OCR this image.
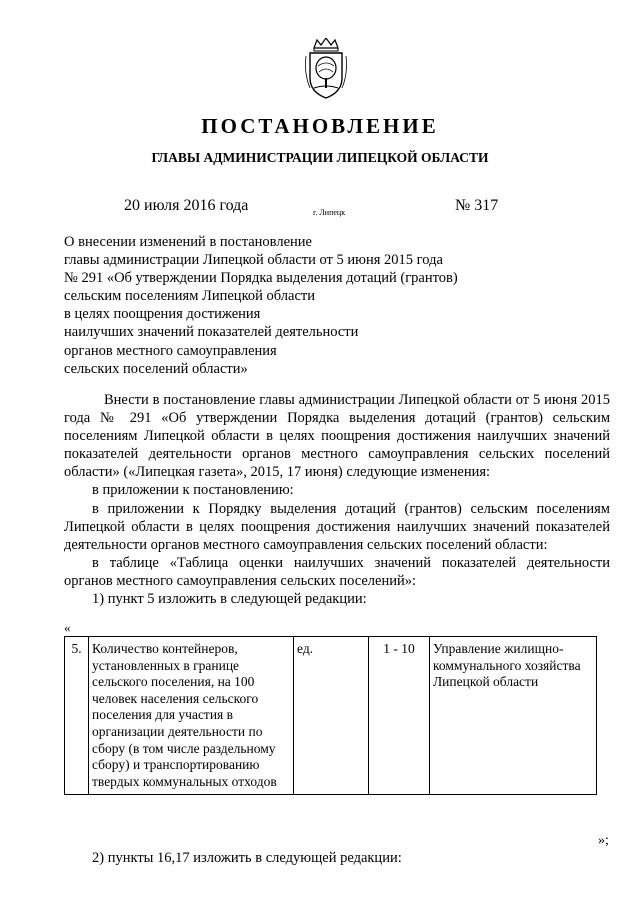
ПОСТАНОВЛЕНИЕ
ГЛАВЫ АДМИНИСТРАЦИИ ЛИПЕЦКОЙ ОБЛАСТИ
20 июля 2016 года	г. Липецк	№ 317
О внесении изменений в постановление
главы администрации Липецкой области от 5 июня 2015 года
№ 291 «Об утверждении Порядка выделения дотаций (грантов)
сельским поселениям Липецкой области
в целях поощрения достижения
наилучших значений показателей деятельности
органов местного самоуправления
сельских поселений области»

Внести в постановление главы администрации Липецкой области от 5 июня 2015 года № 291 «Об утверждении Порядка выделения дотаций (грантов) сельским поселениям Липецкой области в целях поощрения достижения наилучших значений показателей деятельности органов местного самоуправления сельских поселений области» («Липецкая газета», 2015, 17 июня) следующие изменения:

в приложении к постановлению:

в приложении к Порядку выделения дотаций (грантов) сельским поселениям Липецкой области в целях поощрения достижения наилучших значений показателей деятельности органов местного самоуправления сельских поселений области:

в таблице «Таблица оценки наилучших значений показателей деятельности органов местного самоуправления сельских поселений»:

1) пункт 5 изложить в следующей редакции:

«
5.	Количество контейнеров, установленных в границе сельского поселения, на 100 человек населения сельского поселения для участия в организации деятельности по сбору (в том числе раздельному сбору) и транспортированию твердых коммунальных отходов	ед.	1 - 10	Управление жилищно-коммунального хозяйства Липецкой области
»;
2) пункты 16,17 изложить в следующей редакции:
